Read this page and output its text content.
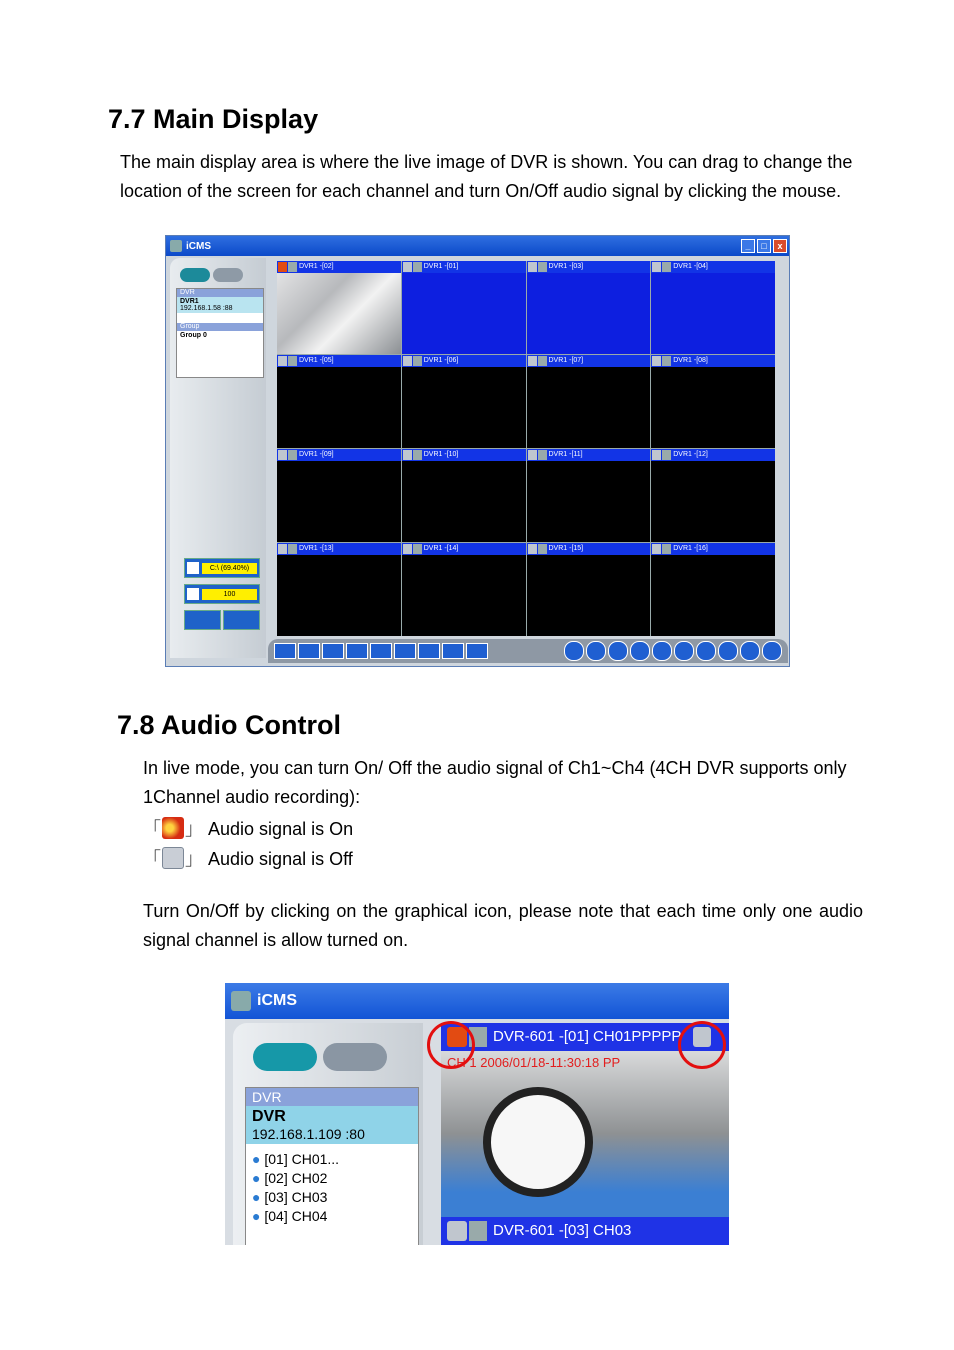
7.7 Main Display

The main display area is where the live image of DVR is shown. You can drag to change the location of the screen for each channel and turn On/Off audio signal by clicking the mouse.

iCMS	_	□	x
DVR
DVR1
192.168.1.58 :88
Group
Group 0
C:\ (69.40%)
100
DVR1 -[02]	DVR1 -[01]	DVR1 -[03]	DVR1 -[04]
DVR1 -[05]	DVR1 -[06]	DVR1 -[07]	DVR1 -[08]
DVR1 -[09]	DVR1 -[10]	DVR1 -[11]	DVR1 -[12]
DVR1 -[13]	DVR1 -[14]	DVR1 -[15]	DVR1 -[16]
7.8 Audio Control

In live mode, you can turn On/ Off the audio signal of Ch1~Ch4 (4CH DVR supports only 1Channel audio recording):

「 」 Audio signal is On

「 」 Audio signal is Off

Turn On/Off by clicking on the graphical icon, please note that each time only one audio signal channel is allow turned on.

iCMS
DVR
DVR
192.168.1.109 :80
● [01] CH01...
● [02] CH02
● [03] CH03
● [04] CH04
DVR-601 -[01] CH01PPPPP
CH 1 2006/01/18-11:30:18 PP
DVR-601 -[03] CH03
